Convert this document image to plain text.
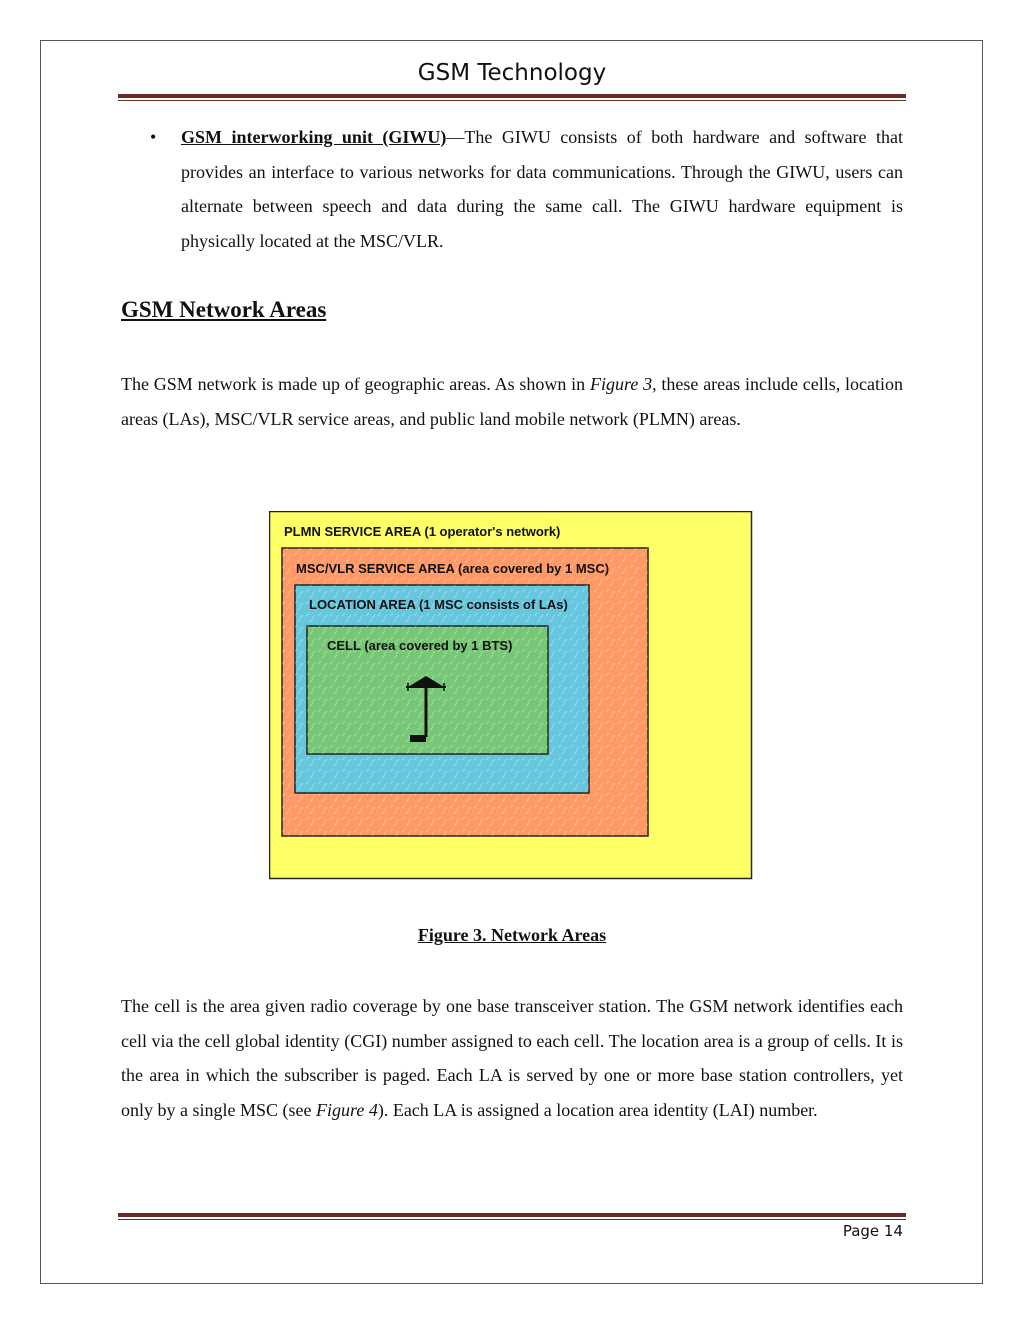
GSM Technology
• GSM interworking unit (GIWU)—The GIWU consists of both hardware and software that provides an interface to various networks for data communications. Through the GIWU, users can alternate between speech and data during the same call. The GIWU hardware equipment is physically located at the MSC/VLR.
GSM Network Areas

The GSM network is made up of geographic areas. As shown in Figure 3, these areas include cells, location areas (LAs), MSC/VLR service areas, and public land mobile network (PLMN) areas.

PLMN SERVICE AREA (1 operator's network)
MSC/VLR SERVICE AREA (area covered by 1 MSC)
LOCATION AREA (1 MSC consists of LAs)
CELL (area covered by 1 BTS)
Figure 3. Network Areas

The cell is the area given radio coverage by one base transceiver station. The GSM network identifies each cell via the cell global identity (CGI) number assigned to each cell. The location area is a group of cells. It is the area in which the subscriber is paged. Each LA is served by one or more base station controllers, yet only by a single MSC (see Figure 4). Each LA is assigned a location area identity (LAI) number.

Page 14
